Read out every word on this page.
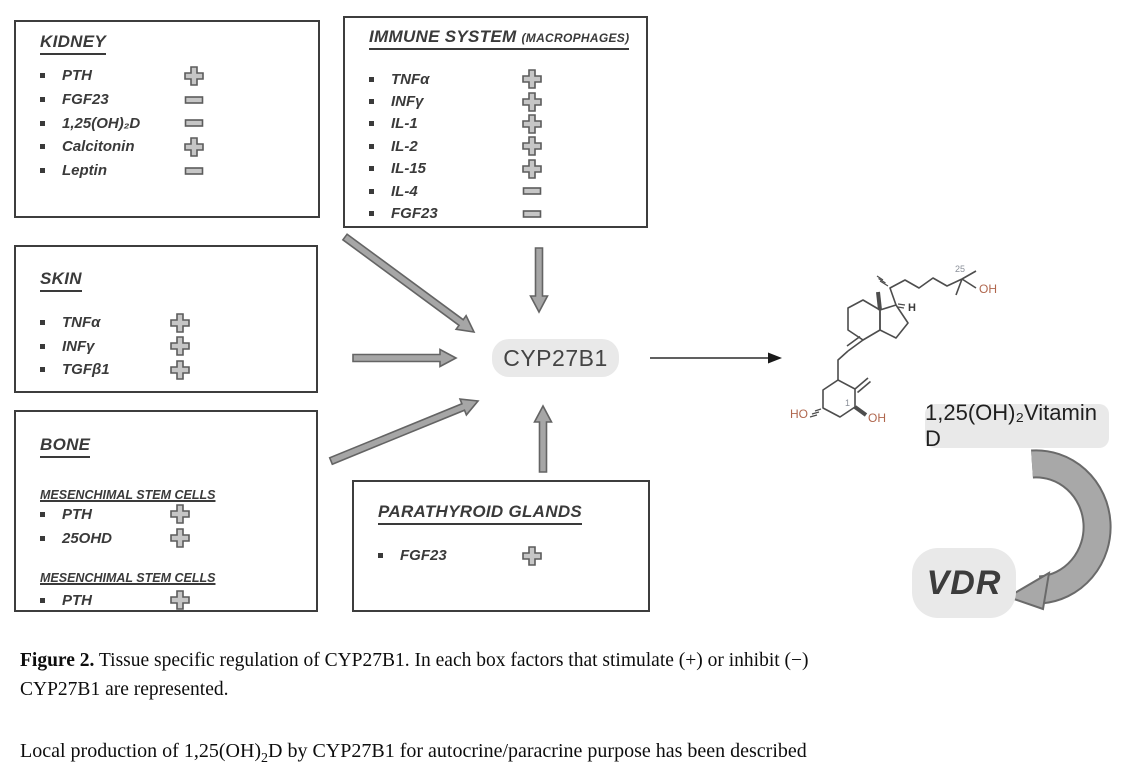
KIDNEY
PTH
FGF23
1,25(OH)₂D
Calcitonin
Leptin
IMMUNE SYSTEM (MACROPHAGES)
TNFα
INFγ
IL-1
IL-2
IL-15
IL-4
FGF23
SKIN
TNFα
INFγ
TGFβ1
BONE
MESENCHIMAL STEM CELLS
PTH
25OHD
MESENCHIMAL STEM CELLS
PTH
PARATHYROID GLANDS
FGF23
25
OH
H
1
HO	OH
CYP27B1
1,25(OH)₂Vitamin D
VDR
Figure 2. Tissue specific regulation of CYP27B1. In each box factors that stimulate (+) or inhibit (−)
CYP27B1 are represented.
Local production of $1,25(OH)_2D$ by CYP27B1 for autocrine/paracrine purpose has been described
